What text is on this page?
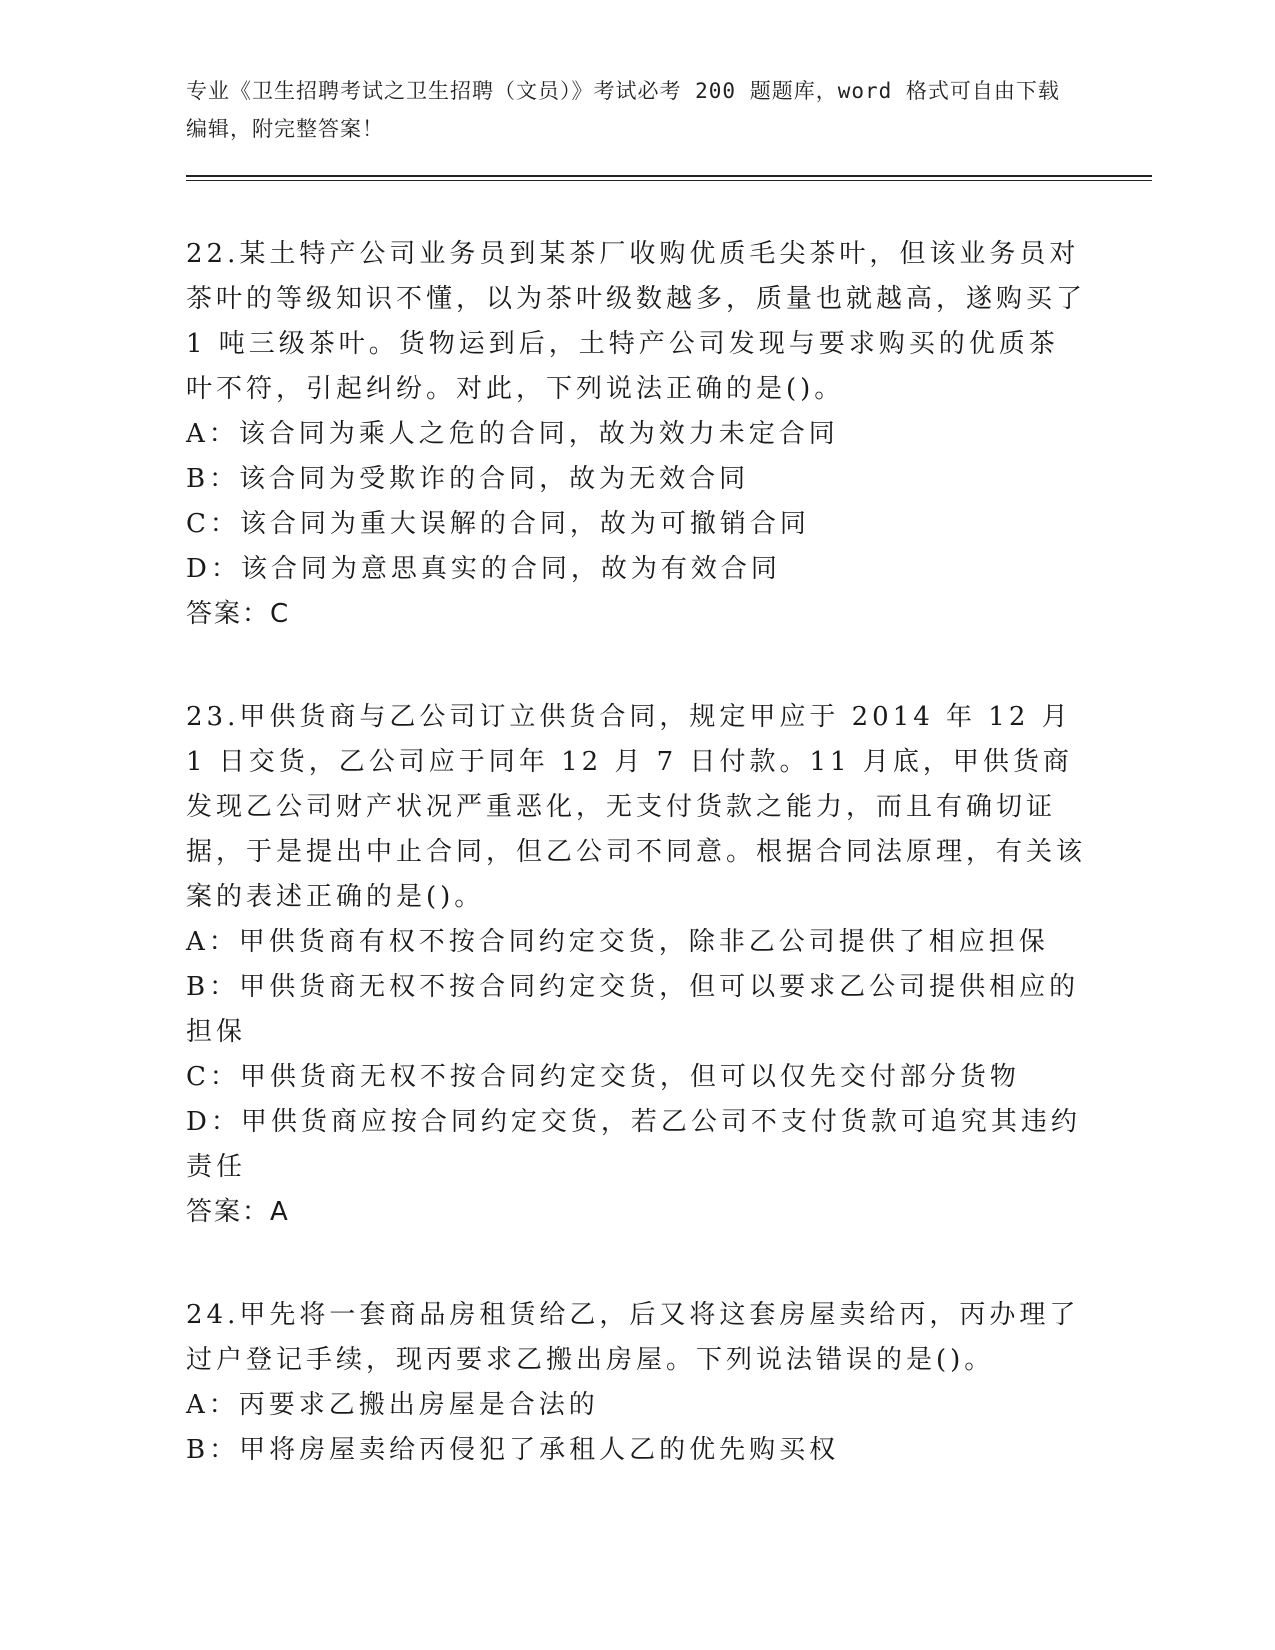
专业《卫生招聘考试之卫生招聘（文员）》考试必考 200 题题库，word 格式可自由下载编辑，附完整答案！

22.某土特产公司业务员到某茶厂收购优质毛尖茶叶，但该业务员对茶叶的等级知识不懂，以为茶叶级数越多，质量也就越高，遂购买了 1 吨三级茶叶。货物运到后，土特产公司发现与要求购买的优质茶叶不符，引起纠纷。对此，下列说法正确的是()。

A：该合同为乘人之危的合同，故为效力未定合同

B：该合同为受欺诈的合同，故为无效合同

C：该合同为重大误解的合同，故为可撤销合同

D：该合同为意思真实的合同，故为有效合同

答案：C

23.甲供货商与乙公司订立供货合同，规定甲应于 2014 年 12 月 1 日交货，乙公司应于同年 12 月 7 日付款。11 月底，甲供货商发现乙公司财产状况严重恶化，无支付货款之能力，而且有确切证据，于是提出中止合同，但乙公司不同意。根据合同法原理，有关该案的表述正确的是()。

A：甲供货商有权不按合同约定交货，除非乙公司提供了相应担保

B：甲供货商无权不按合同约定交货，但可以要求乙公司提供相应的担保

C：甲供货商无权不按合同约定交货，但可以仅先交付部分货物

D：甲供货商应按合同约定交货，若乙公司不支付货款可追究其违约责任

答案：A

24.甲先将一套商品房租赁给乙，后又将这套房屋卖给丙，丙办理了过户登记手续，现丙要求乙搬出房屋。下列说法错误的是()。

A：丙要求乙搬出房屋是合法的

B：甲将房屋卖给丙侵犯了承租人乙的优先购买权
